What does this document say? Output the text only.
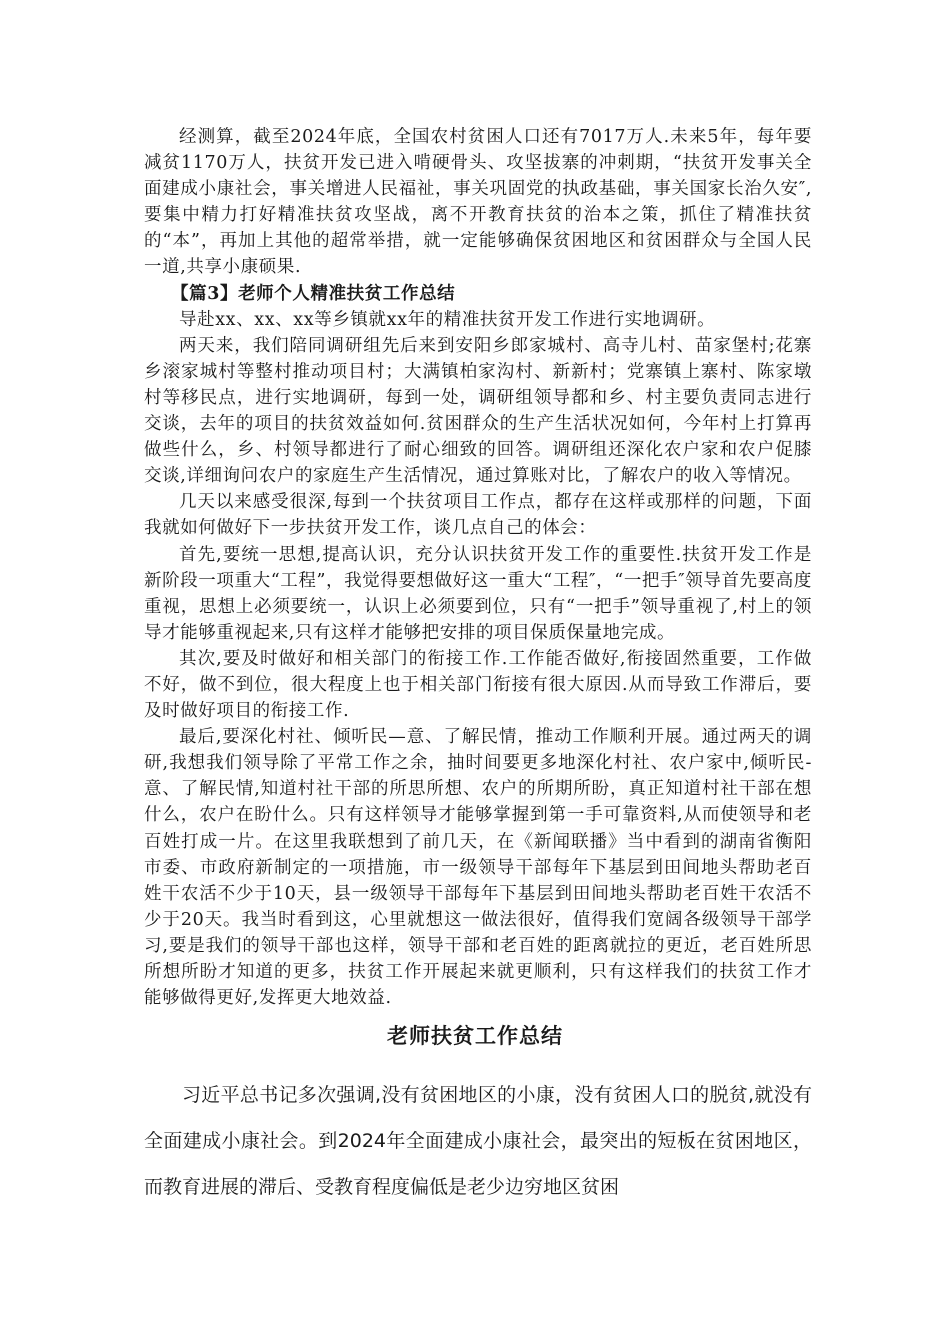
经测算，截至2024年底，全国农村贫困人口还有7017万人.未来5年，每年要减贫1170万人，扶贫开发已进入啃硬骨头、攻坚拔寨的冲刺期，“扶贫开发事关全面建成小康社会，事关增进人民福祉，事关巩固党的执政基础，事关国家长治久安″,要集中精力打好精准扶贫攻坚战，离不开教育扶贫的治本之策，抓住了精准扶贫的“本”，再加上其他的超常举措，就一定能够确保贫困地区和贫困群众与全国人民一道,共享小康硕果.

【篇3】老师个人精准扶贫工作总结

导赴xx、xx、xx等乡镇就xx年的精准扶贫开发工作进行实地调研。

两天来，我们陪同调研组先后来到安阳乡郎家城村、高寺儿村、苗家堡村;花寨乡滚家城村等整村推动项目村；大满镇柏家沟村、新新村；党寨镇上寨村、陈家墩村等移民点，进行实地调研，每到一处，调研组领导都和乡、村主要负责同志进行交谈，去年的项目的扶贫效益如何.贫困群众的生产生活状况如何，今年村上打算再做些什么，乡、村领导都进行了耐心细致的回答。调研组还深化农户家和农户促膝交谈,详细询问农户的家庭生产生活情况，通过算账对比，了解农户的收入等情况。

几天以来感受很深,每到一个扶贫项目工作点，都存在这样或那样的问题，下面我就如何做好下一步扶贫开发工作，谈几点自己的体会：

首先,要统一思想,提高认识，充分认识扶贫开发工作的重要性.扶贫开发工作是新阶段一项重大“工程”，我觉得要想做好这一重大“工程″，“一把手″领导首先要高度重视，思想上必须要统一，认识上必须要到位，只有“一把手”领导重视了,村上的领导才能够重视起来,只有这样才能够把安排的项目保质保量地完成。

其次,要及时做好和相关部门的衔接工作.工作能否做好,衔接固然重要，工作做不好，做不到位，很大程度上也于相关部门衔接有很大原因.从而导致工作滞后，要及时做好项目的衔接工作.

最后,要深化村社、倾听民—意、了解民情，推动工作顺利开展。通过两天的调研,我想我们领导除了平常工作之余，抽时间要更多地深化村社、农户家中,倾听民-意、了解民情,知道村社干部的所思所想、农户的所期所盼，真正知道村社干部在想什么，农户在盼什么。只有这样领导才能够掌握到第一手可靠资料,从而使领导和老百姓打成一片。在这里我联想到了前几天，在《新闻联播》当中看到的湖南省衡阳市委、市政府新制定的一项措施，市一级领导干部每年下基层到田间地头帮助老百姓干农活不少于10天，县一级领导干部每年下基层到田间地头帮助老百姓干农活不少于20天。我当时看到这，心里就想这一做法很好，值得我们宽阔各级领导干部学习,要是我们的领导干部也这样，领导干部和老百姓的距离就拉的更近，老百姓所思所想所盼才知道的更多，扶贫工作开展起来就更顺利，只有这样我们的扶贫工作才能够做得更好,发挥更大地效益.

老师扶贫工作总结

习近平总书记多次强调,没有贫困地区的小康，没有贫困人口的脱贫,就没有全面建成小康社会。到2024年全面建成小康社会，最突出的短板在贫困地区，而教育进展的滞后、受教育程度偏低是老少边穷地区贫困
